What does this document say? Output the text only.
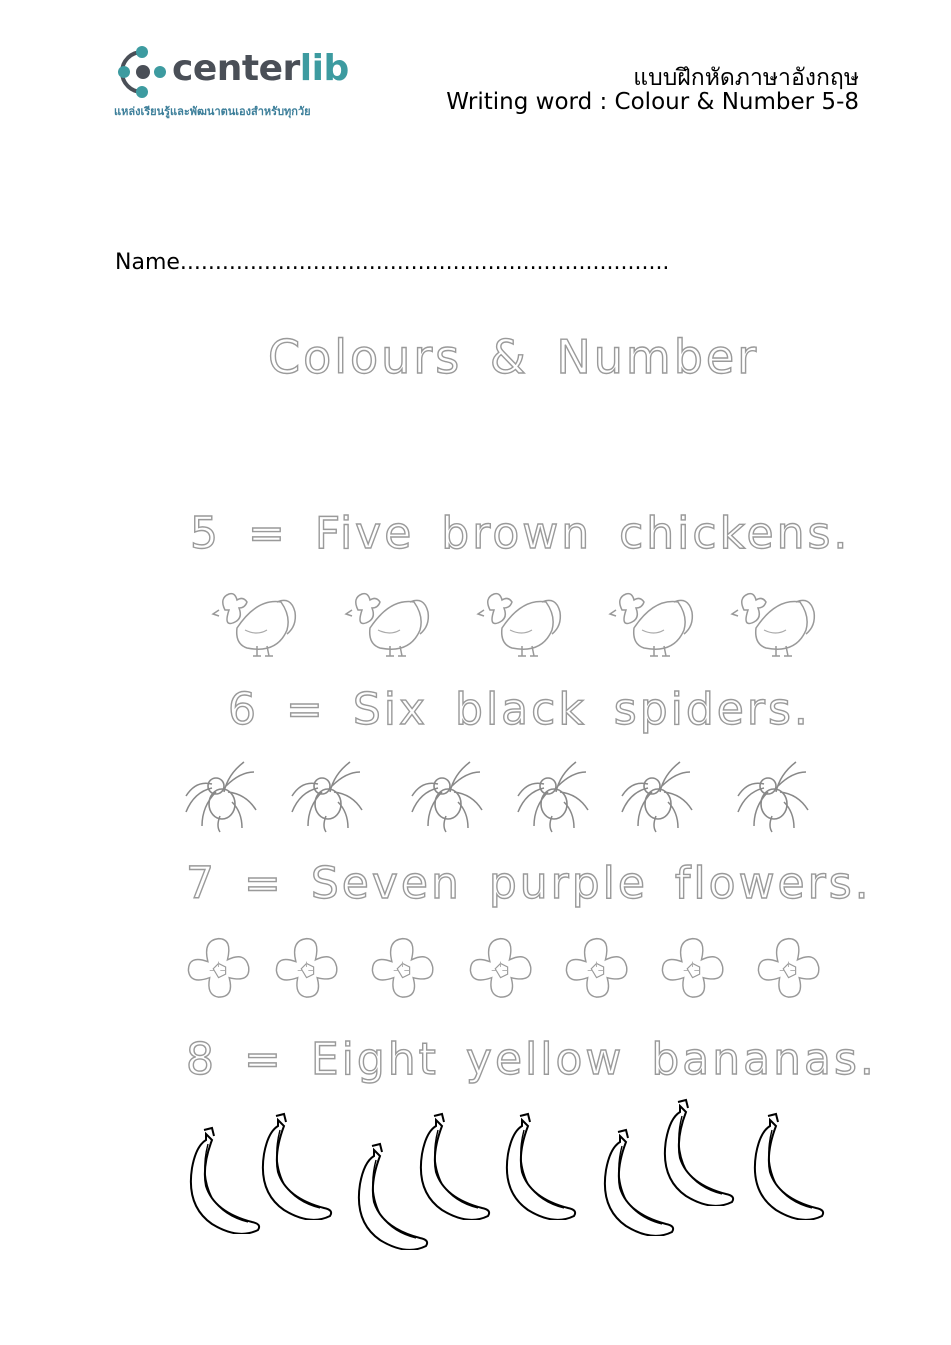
centerlib
แหล่งเรียนรู้และพัฒนาตนเองสำหรับทุกวัย
แบบฝึกหัดภาษาอังกฤษ
Writing word : Colour & Number 5-8
Name......................................................................
Colours & Number
5 = Five brown chickens.
6 = Six black spiders.
7 = Seven purple flowers.
8 = Eight yellow bananas.
